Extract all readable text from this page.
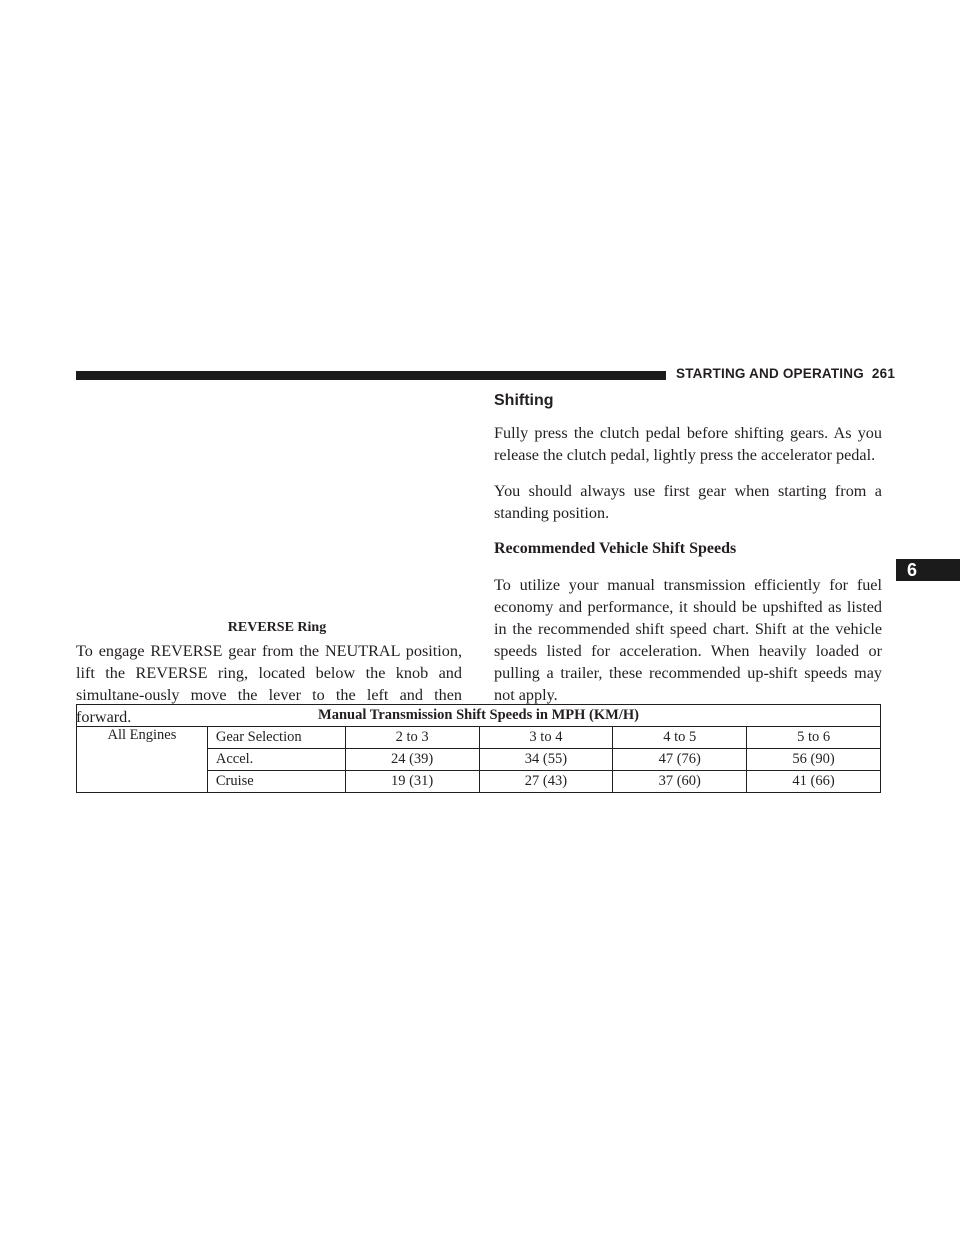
STARTING AND OPERATING 261
6

REVERSE Ring

To engage REVERSE gear from the NEUTRAL position, lift the REVERSE ring, located below the knob and simultane-ously move the lever to the left and then forward.

Shifting

Fully press the clutch pedal before shifting gears. As you release the clutch pedal, lightly press the accelerator pedal.

You should always use first gear when starting from a standing position.

Recommended Vehicle Shift Speeds

To utilize your manual transmission efficiently for fuel economy and performance, it should be upshifted as listed in the recommended shift speed chart. Shift at the vehicle speeds listed for acceleration. When heavily loaded or pulling a trailer, these recommended up-shift speeds may not apply.

Manual Transmission Shift Speeds in MPH (KM/H)					
All Engines	Gear Selection	2 to 3	3 to 4	4 to 5	5 to 6
	Accel.	24 (39)	34 (55)	47 (76)	56 (90)
	Cruise	19 (31)	27 (43)	37 (60)	41 (66)
